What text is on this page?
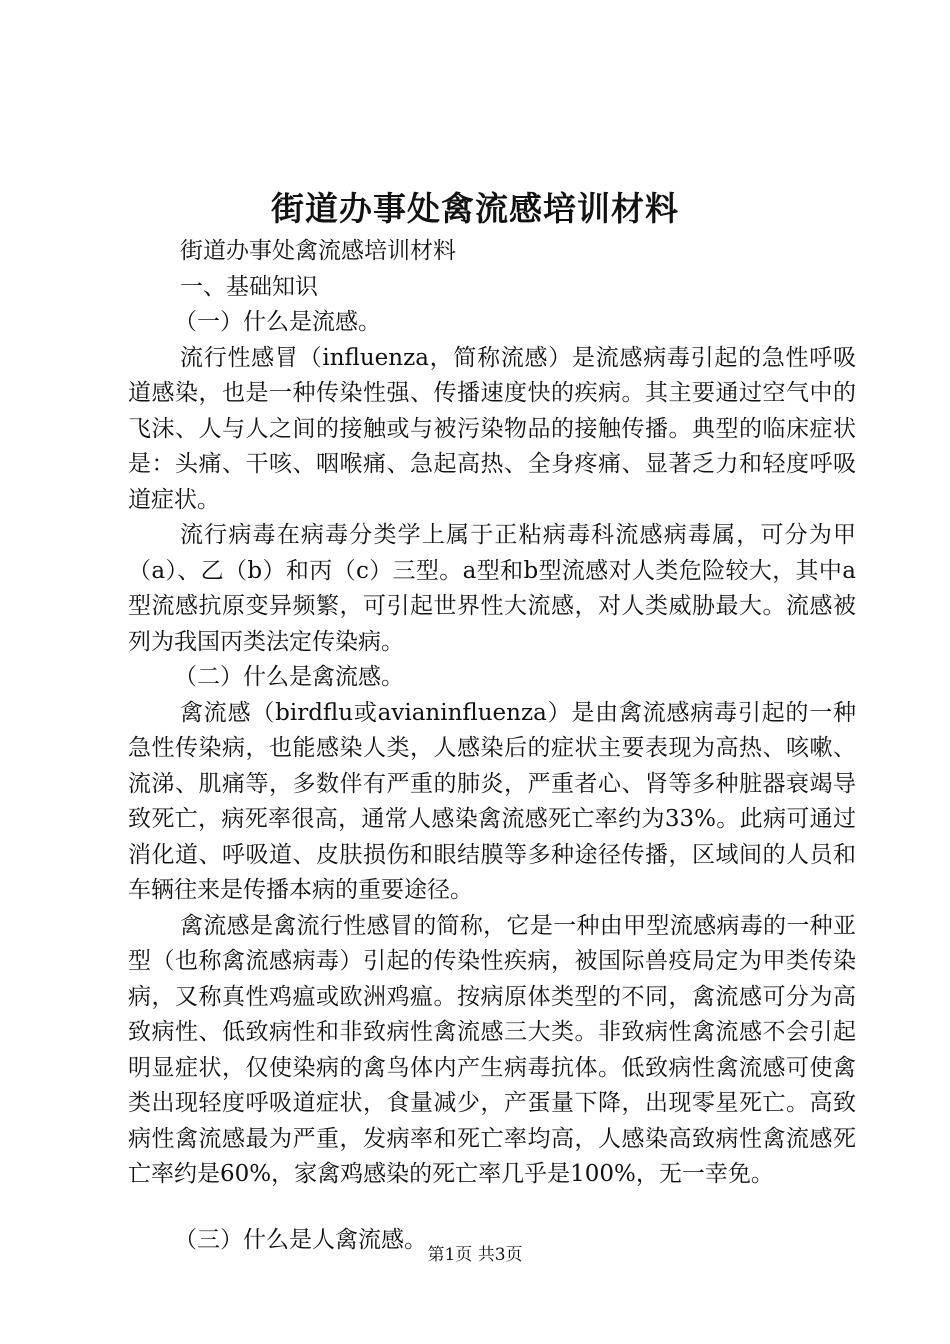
街道办事处禽流感培训材料

街道办事处禽流感培训材料

一、基础知识

（一）什么是流感。

流行性感冒（influenza，简称流感）是流感病毒引起的急性呼吸道感染，也是一种传染性强、传播速度快的疾病。其主要通过空气中的飞沫、人与人之间的接触或与被污染物品的接触传播。典型的临床症状是：头痛、干咳、咽喉痛、急起高热、全身疼痛、显著乏力和轻度呼吸道症状。

流行病毒在病毒分类学上属于正粘病毒科流感病毒属，可分为甲（a）、乙（b）和丙（c）三型。a型和b型流感对人类危险较大，其中a型流感抗原变异频繁，可引起世界性大流感，对人类威胁最大。流感被列为我国丙类法定传染病。

（二）什么是禽流感。

禽流感（birdflu或avianinfluenza）是由禽流感病毒引起的一种急性传染病，也能感染人类，人感染后的症状主要表现为高热、咳嗽、流涕、肌痛等，多数伴有严重的肺炎，严重者心、肾等多种脏器衰竭导致死亡，病死率很高，通常人感染禽流感死亡率约为33%。此病可通过消化道、呼吸道、皮肤损伤和眼结膜等多种途径传播，区域间的人员和车辆往来是传播本病的重要途径。

禽流感是禽流行性感冒的简称，它是一种由甲型流感病毒的一种亚型（也称禽流感病毒）引起的传染性疾病，被国际兽疫局定为甲类传染病，又称真性鸡瘟或欧洲鸡瘟。按病原体类型的不同，禽流感可分为高致病性、低致病性和非致病性禽流感三大类。非致病性禽流感不会引起明显症状，仅使染病的禽鸟体内产生病毒抗体。低致病性禽流感可使禽类出现轻度呼吸道症状，食量减少，产蛋量下降，出现零星死亡。高致病性禽流感最为严重，发病率和死亡率均高，人感染高致病性禽流感死亡率约是60%，家禽鸡感染的死亡率几乎是100%，无一幸免。

（三）什么是人禽流感。

第1页 共3页
